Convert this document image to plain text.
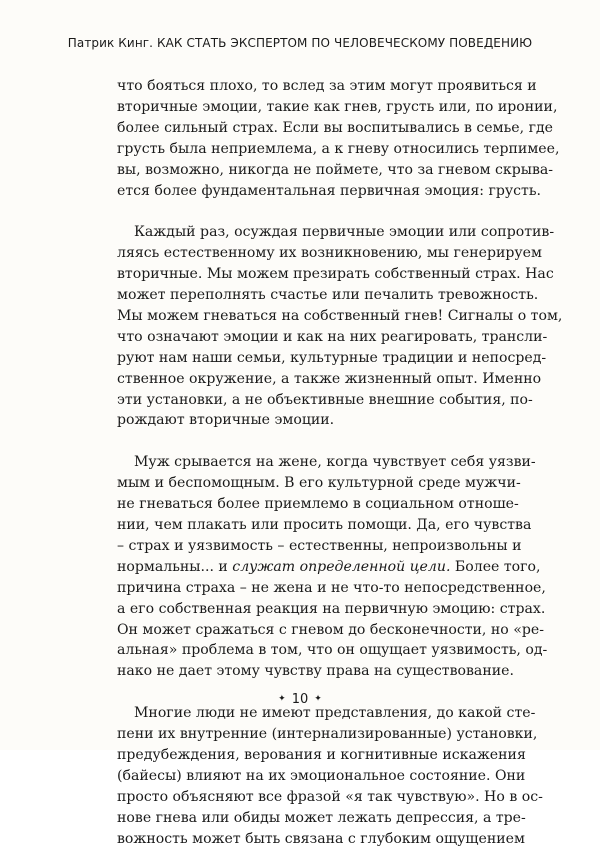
Патрик Кинг. КАК СТАТЬ ЭКСПЕРТОМ ПО ЧЕЛОВЕЧЕСКОМУ ПОВЕДЕНИЮ

что бояться плохо, то вслед за этим могут проявиться и
вторичные эмоции, такие как гнев, грусть или, по иронии,
более сильный страх. Если вы воспитывались в семье, где
грусть была неприемлема, а к гневу относились терпимее,
вы, возможно, никогда не поймете, что за гневом скрыва-
ется более фундаментальная первичная эмоция: грусть.

Каждый раз, осуждая первичные эмоции или сопротив-
ляясь естественному их возникновению, мы генерируем
вторичные. Мы можем презирать собственный страх. Нас
может переполнять счастье или печалить тревожность.
Мы можем гневаться на собственный гнев! Сигналы о том,
что означают эмоции и как на них реагировать, трансли-
руют нам наши семьи, культурные традиции и непосред-
ственное окружение, а также жизненный опыт. Именно
эти установки, а не объективные внешние события, по-
рождают вторичные эмоции.

Муж срывается на жене, когда чувствует себя уязви-
мым и беспомощным. В его культурной среде мужчи-
не гневаться более приемлемо в социальном отноше-
нии, чем плакать или просить помощи. Да, его чувства
– страх и уязвимость – естественны, непроизвольны и
нормальны... и служат определенной цели. Более того,
причина страха – не жена и не что-то непосредственное,
а его собственная реакция на первичную эмоцию: страх.
Он может сражаться с гневом до бесконечности, но «ре-
альная» проблема в том, что он ощущает уязвимость, од-
нако не дает этому чувству права на существование.

Многие люди не имеют представления, до какой сте-
пени их внутренние (интернализированные) установки,
предубеждения, верования и когнитивные искажения
(байесы) влияют на их эмоциональное состояние. Они
просто объясняют все фразой «я так чувствую». Но в ос-
нове гнева или обиды может лежать депрессия, а тре-
вожность может быть связана с глубоким ощущением

✦ 10 ✦
